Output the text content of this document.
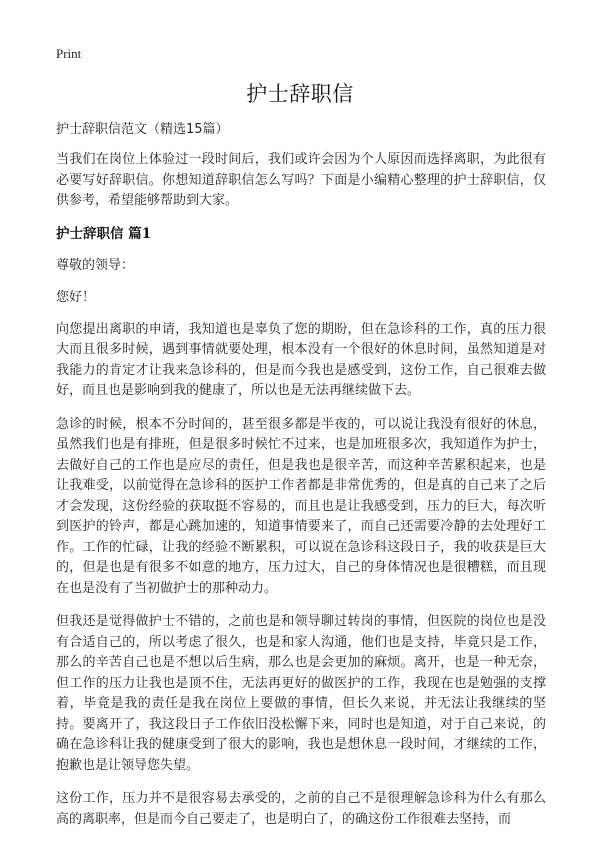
Print
护士辞职信

护士辞职信范文（精选15篇）

当我们在岗位上体验过一段时间后，我们或许会因为个人原因而选择离职，为此很有必要写好辞职信。你想知道辞职信怎么写吗？下面是小编精心整理的护士辞职信，仅供参考，希望能够帮助到大家。

护士辞职信 篇1

尊敬的领导：

您好！

向您提出离职的申请，我知道也是辜负了您的期盼，但在急诊科的工作，真的压力很大而且很多时候，遇到事情就要处理，根本没有一个很好的休息时间，虽然知道是对我能力的肯定才让我来急诊科的，但是而今我也是感受到，这份工作，自己很难去做好，而且也是影响到我的健康了，所以也是无法再继续做下去。

急诊的时候，根本不分时间的，甚至很多都是半夜的，可以说让我没有很好的休息，虽然我们也是有排班，但是很多时候忙不过来，也是加班很多次，我知道作为护士，去做好自己的工作也是应尽的责任，但是我也是很辛苦，而这种辛苦累积起来，也是让我难受，以前觉得在急诊科的医护工作者都是非常优秀的，但是真的自己来了之后才会发现，这份经验的获取挺不容易的，而且也是让我感受到，压力的巨大，每次听到医护的铃声，都是心跳加速的，知道事情要来了，而自己还需要冷静的去处理好工作。工作的忙碌，让我的经验不断累积，可以说在急诊科这段日子，我的收获是巨大的，但是也是有很多不如意的地方，压力过大，自己的身体情况也是很糟糕，而且现在也是没有了当初做护士的那种动力。

但我还是觉得做护士不错的，之前也是和领导聊过转岗的事情，但医院的岗位也是没有合适自己的，所以考虑了很久，也是和家人沟通，他们也是支持，毕竟只是工作，那么的辛苦自己也是不想以后生病，那么也是会更加的麻烦。离开，也是一种无奈，但工作的压力让我也是顶不住，无法再更好的做医护的工作，我现在也是勉强的支撑着，毕竟是我的责任是我在岗位上要做的事情，但长久来说，并无法让我继续的坚持。要离开了，我这段日子工作依旧没松懈下来，同时也是知道，对于自己来说，的确在急诊科让我的健康受到了很大的影响，我也是想休息一段时间，才继续的工作，抱歉也是让领导您失望。

这份工作，压力并不是很容易去承受的，之前的自己不是很理解急诊科为什么有那么高的离职率，但是而今自己要走了，也是明白了，的确这份工作很难去坚持，而
